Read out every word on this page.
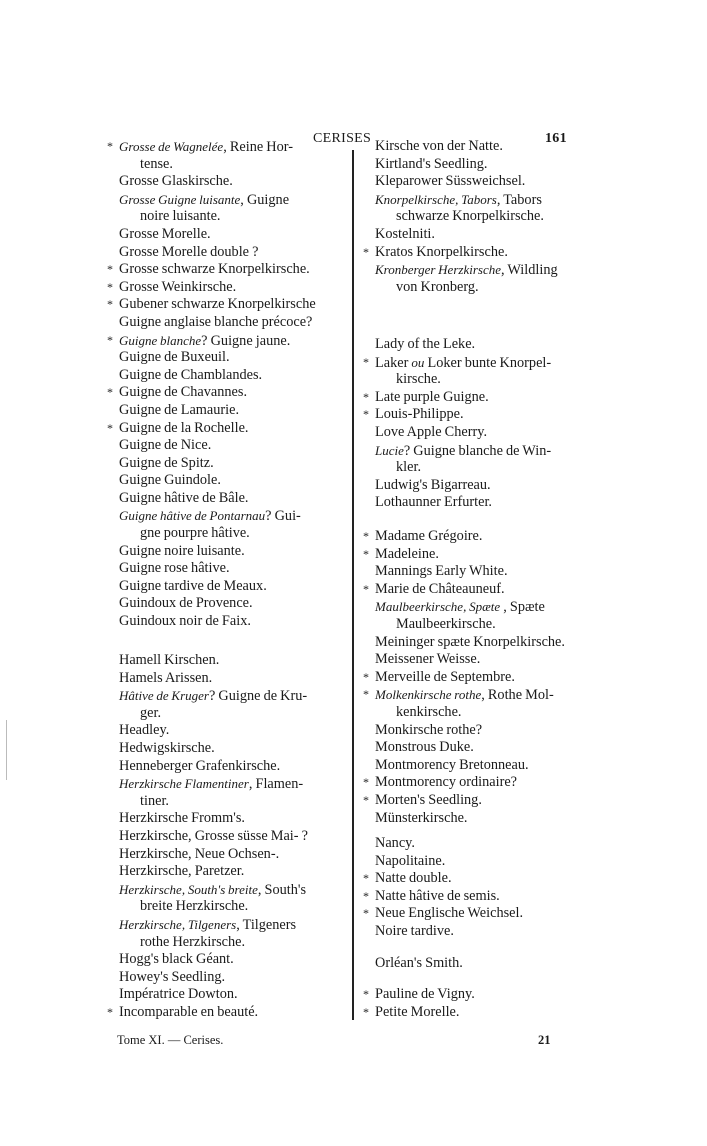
CERISES	161
* Grosse de Wagnelée, Reine Hor-
tense.
Grosse Glaskirsche.
Grosse Guigne luisante, Guigne
noire luisante.
Grosse Morelle.
Grosse Morelle double ?
* Grosse schwarze Knorpelkirsche.
* Grosse Weinkirsche.
* Gubener schwarze Knorpelkirsche
Guigne anglaise blanche précoce?
* Guigne blanche? Guigne jaune.
Guigne de Buxeuil.
Guigne de Chamblandes.
* Guigne de Chavannes.
Guigne de Lamaurie.
* Guigne de la Rochelle.
Guigne de Nice.
Guigne de Spitz.
Guigne Guindole.
Guigne hâtive de Bâle.
Guigne hâtive de Pontarnau? Gui-
gne pourpre hâtive.
Guigne noire luisante.
Guigne rose hâtive.
Guigne tardive de Meaux.
Guindoux de Provence.
Guindoux noir de Faix.
Hamell Kirschen.
Hamels Arissen.
Hâtive de Kruger? Guigne de Kru-
ger.
Headley.
Hedwigskirsche.
Henneberger Grafenkirsche.
Herzkirsche Flamentiner, Flamen-
tiner.
Herzkirsche Fromm's.
Herzkirsche, Grosse süsse Mai- ?
Herzkirsche, Neue Ochsen-.
Herzkirsche, Paretzer.
Herzkirsche, South's breite, South's
breite Herzkirsche.
Herzkirsche, Tilgeners, Tilgeners
rothe Herzkirsche.
Hogg's black Géant.
Howey's Seedling.
Impératrice Dowton.
* Incomparable en beauté.
Kirsche von der Natte.
Kirtland's Seedling.
Kleparower Süssweichsel.
Knorpelkirsche, Tabors, Tabors
schwarze Knorpelkirsche.
Kostelniti.
* Kratos Knorpelkirsche.
Kronberger Herzkirsche, Wildling
von Kronberg.
Lady of the Leke.
* Laker ou Loker bunte Knorpel-
kirsche.
* Late purple Guigne.
* Louis-Philippe.
Love Apple Cherry.
Lucie? Guigne blanche de Win-
kler.
Ludwig's Bigarreau.
Lothaunner Erfurter.
* Madame Grégoire.
* Madeleine.
Mannings Early White.
* Marie de Châteauneuf.
Maulbeerkirsche, Spæte , Spæte
Maulbeerkirsche.
Meininger spæte Knorpelkirsche.
Meissener Weisse.
* Merveille de Septembre.
* Molkenkirsche rothe, Rothe Mol-
kenkirsche.
Monkirsche rothe?
Monstrous Duke.
Montmorency Bretonneau.
* Montmorency ordinaire?
* Morten's Seedling.
Münsterkirsche.
Nancy.
Napolitaine.
* Natte double.
* Natte hâtive de semis.
* Neue Englische Weichsel.
Noire tardive.
Orléan's Smith.
* Pauline de Vigny.
* Petite Morelle.
Tome XI. — Cerises.	21
